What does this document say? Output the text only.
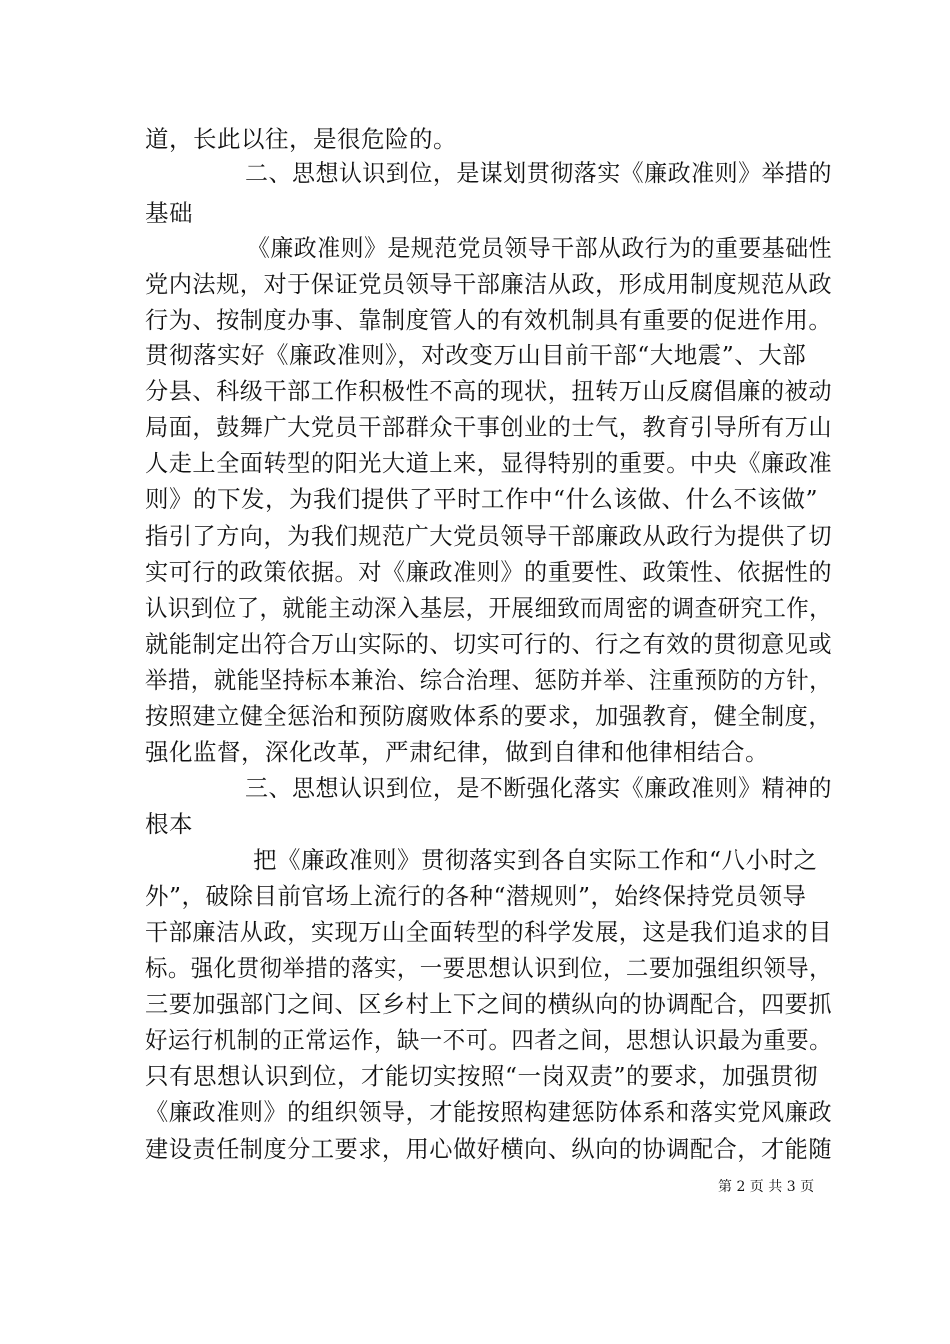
道，长此以往，是很危险的。
二、思想认识到位，是谋划贯彻落实《廉政准则》举措的
基础
《廉政准则》是规范党员领导干部从政行为的重要基础性
党内法规，对于保证党员领导干部廉洁从政，形成用制度规范从政
行为、按制度办事、靠制度管人的有效机制具有重要的促进作用。
贯彻落实好《廉政准则》，对改变万山目前干部“大地震”、大部
分县、科级干部工作积极性不高的现状，扭转万山反腐倡廉的被动
局面，鼓舞广大党员干部群众干事创业的士气，教育引导所有万山
人走上全面转型的阳光大道上来，显得特别的重要。中央《廉政准
则》的下发，为我们提供了平时工作中“什么该做、什么不该做”
指引了方向，为我们规范广大党员领导干部廉政从政行为提供了切
实可行的政策依据。对《廉政准则》的重要性、政策性、依据性的
认识到位了，就能主动深入基层，开展细致而周密的调查研究工作，
就能制定出符合万山实际的、切实可行的、行之有效的贯彻意见或
举措，就能坚持标本兼治、综合治理、惩防并举、注重预防的方针，
按照建立健全惩治和预防腐败体系的要求，加强教育，健全制度，
强化监督，深化改革，严肃纪律，做到自律和他律相结合。
三、思想认识到位，是不断强化落实《廉政准则》精神的
根本
把《廉政准则》贯彻落实到各自实际工作和“八小时之
外”，破除目前官场上流行的各种“潜规则”，始终保持党员领导
干部廉洁从政，实现万山全面转型的科学发展，这是我们追求的目
标。强化贯彻举措的落实，一要思想认识到位，二要加强组织领导，
三要加强部门之间、区乡村上下之间的横纵向的协调配合，四要抓
好运行机制的正常运作，缺一不可。四者之间，思想认识最为重要。
只有思想认识到位，才能切实按照“一岗双责”的要求，加强贯彻
《廉政准则》的组织领导，才能按照构建惩防体系和落实党风廉政
建设责任制度分工要求，用心做好横向、纵向的协调配合，才能随
第 2 页 共 3 页
